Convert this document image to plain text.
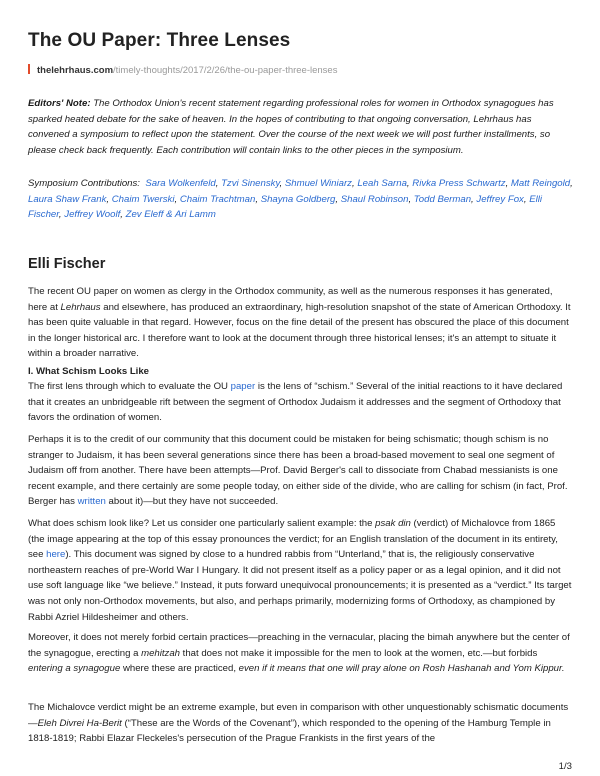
The OU Paper: Three Lenses
thelehrhaus.com/timely-thoughts/2017/2/26/the-ou-paper-three-lenses

Editors' Note: The Orthodox Union's recent statement regarding professional roles for women in Orthodox synagogues has sparked heated debate for the sake of heaven. In the hopes of contributing to that ongoing conversation, Lehrhaus has convened a symposium to reflect upon the statement. Over the course of the next week we will post further installments, so please check back frequently. Each contribution will contain links to the other pieces in the symposium.

Symposium Contributions: Sara Wolkenfeld, Tzvi Sinensky, Shmuel Winiarz, Leah Sarna, Rivka Press Schwartz, Matt Reingold, Laura Shaw Frank, Chaim Twerski, Chaim Trachtman, Shayna Goldberg, Shaul Robinson, Todd Berman, Jeffrey Fox, Elli Fischer, Jeffrey Woolf, Zev Eleff & Ari Lamm

Elli Fischer

The recent OU paper on women as clergy in the Orthodox community, as well as the numerous responses it has generated, here at Lehrhaus and elsewhere, has produced an extraordinary, high-resolution snapshot of the state of American Orthodoxy. It has been quite valuable in that regard. However, focus on the fine detail of the present has obscured the place of this document in the longer historical arc. I therefore want to look at the document through three historical lenses; it's an attempt to situate it within a broader narrative.

I. What Schism Looks Like

The first lens through which to evaluate the OU paper is the lens of “schism.” Several of the initial reactions to it have declared that it creates an unbridgeable rift between the segment of Orthodox Judaism it addresses and the segment of Orthodoxy that favors the ordination of women.

Perhaps it is to the credit of our community that this document could be mistaken for being schismatic; though schism is no stranger to Judaism, it has been several generations since there has been a broad-based movement to seal one segment of Judaism off from another. There have been attempts—Prof. David Berger's call to dissociate from Chabad messianists is one recent example, and there certainly are some people today, on either side of the divide, who are calling for schism (in fact, Prof. Berger has written about it)—but they have not succeeded.

What does schism look like? Let us consider one particularly salient example: the psak din (verdict) of Michalovce from 1865 (the image appearing at the top of this essay pronounces the verdict; for an English translation of the document in its entirety, see here). This document was signed by close to a hundred rabbis from “Unterland,” that is, the religiously conservative northeastern reaches of pre-World War I Hungary. It did not present itself as a policy paper or as a legal opinion, and it did not use soft language like “we believe.” Instead, it puts forward unequivocal pronouncements; it is presented as a “verdict.” Its target was not only non-Orthodox movements, but also, and perhaps primarily, modernizing forms of Orthodoxy, as championed by Rabbi Azriel Hildesheimer and others.

Moreover, it does not merely forbid certain practices—preaching in the vernacular, placing the bimah anywhere but the center of the synagogue, erecting a mehitzah that does not make it impossible for the men to look at the women, etc.—but forbids entering a synagogue where these are practiced, even if it means that one will pray alone on Rosh Hashanah and Yom Kippur.

The Michalovce verdict might be an extreme example, but even in comparison with other unquestionably schismatic documents—Eleh Divrei Ha-Berit (“These are the Words of the Covenant”), which responded to the opening of the Hamburg Temple in 1818-1819; Rabbi Elazar Fleckeles's persecution of the Prague Frankists in the first years of the

1/3
